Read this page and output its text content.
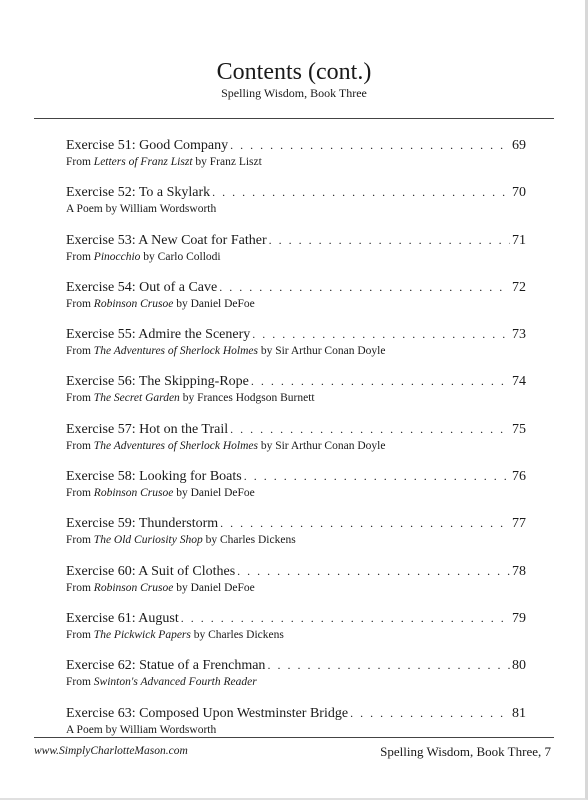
Contents (cont.)
Spelling Wisdom, Book Three
Exercise 51: Good Company . . .	69
From Letters of Franz Liszt by Franz Liszt
Exercise 52: To a Skylark . . .	70
A Poem by William Wordsworth
Exercise 53: A New Coat for Father . . .	71
From Pinocchio by Carlo Collodi
Exercise 54: Out of a Cave . . .	72
From Robinson Crusoe by Daniel DeFoe
Exercise 55: Admire the Scenery . . .	73
From The Adventures of Sherlock Holmes by Sir Arthur Conan Doyle
Exercise 56: The Skipping-Rope . . .	74
From The Secret Garden by Frances Hodgson Burnett
Exercise 57: Hot on the Trail . . .	75
From The Adventures of Sherlock Holmes by Sir Arthur Conan Doyle
Exercise 58: Looking for Boats . . .	76
From Robinson Crusoe by Daniel DeFoe
Exercise 59: Thunderstorm . . .	77
From The Old Curiosity Shop by Charles Dickens
Exercise 60: A Suit of Clothes . . .	78
From Robinson Crusoe by Daniel DeFoe
Exercise 61: August . . .	79
From The Pickwick Papers by Charles Dickens
Exercise 62: Statue of a Frenchman . . .	80
From Swinton's Advanced Fourth Reader
Exercise 63: Composed Upon Westminster Bridge . . .	81
A Poem by William Wordsworth
www.SimplyCharlotteMason.com	Spelling Wisdom, Book Three, 7
